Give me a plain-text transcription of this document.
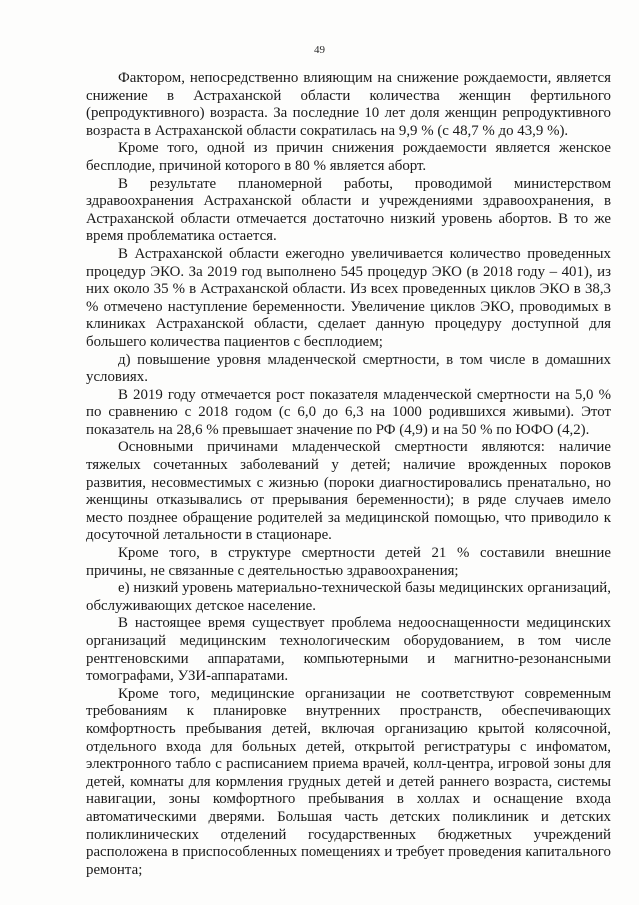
49

Фактором, непосредственно влияющим на снижение рождаемости, является снижение в Астраханской области количества женщин фертильного (репродуктивного) возраста. За последние 10 лет доля женщин репродуктивного возраста в Астраханской области сократилась на 9,9 % (с 48,7 % до 43,9 %).

Кроме того, одной из причин снижения рождаемости является женское бесплодие, причиной которого в 80 % является аборт.

В результате планомерной работы, проводимой министерством здравоохранения Астраханской области и учреждениями здравоохранения, в Астраханской области отмечается достаточно низкий уровень абортов. В то же время проблематика остается.

В Астраханской области ежегодно увеличивается количество проведенных процедур ЭКО. За 2019 год выполнено 545 процедур ЭКО (в 2018 году – 401), из них около 35 % в Астраханской области. Из всех проведенных циклов ЭКО в 38,3 % отмечено наступление беременности. Увеличение циклов ЭКО, проводимых в клиниках Астраханской области, сделает данную процедуру доступной для большего количества пациентов с бесплодием;

д) повышение уровня младенческой смертности, в том числе в домашних условиях.

В 2019 году отмечается рост показателя младенческой смертности на 5,0 % по сравнению с 2018 годом (с 6,0 до 6,3 на 1000 родившихся живыми). Этот показатель на 28,6 % превышает значение по РФ (4,9) и на 50 % по ЮФО (4,2).

Основными причинами младенческой смертности являются: наличие тяжелых сочетанных заболеваний у детей; наличие врожденных пороков развития, несовместимых с жизнью (пороки диагностировались пренатально, но женщины отказывались от прерывания беременности); в ряде случаев имело место позднее обращение родителей за медицинской помощью, что приводило к досуточной летальности в стационаре.

Кроме того, в структуре смертности детей 21 % составили внешние причины, не связанные с деятельностью здравоохранения;

е) низкий уровень материально-технической базы медицинских организаций, обслуживающих детское население.

В настоящее время существует проблема недооснащенности медицинских организаций медицинским технологическим оборудованием, в том числе рентгеновскими аппаратами, компьютерными и магнитно-резонансными томографами, УЗИ-аппаратами.

Кроме того, медицинские организации не соответствуют современным требованиям к планировке внутренних пространств, обеспечивающих комфортность пребывания детей, включая организацию крытой колясочной, отдельного входа для больных детей, открытой регистратуры с инфоматом, электронного табло с расписанием приема врачей, колл-центра, игровой зоны для детей, комнаты для кормления грудных детей и детей раннего возраста, системы навигации, зоны комфортного пребывания в холлах и оснащение входа автоматическими дверями. Большая часть детских поликлиник и детских поликлинических отделений государственных бюджетных учреждений расположена в приспособленных помещениях и требует проведения капитального ремонта;
